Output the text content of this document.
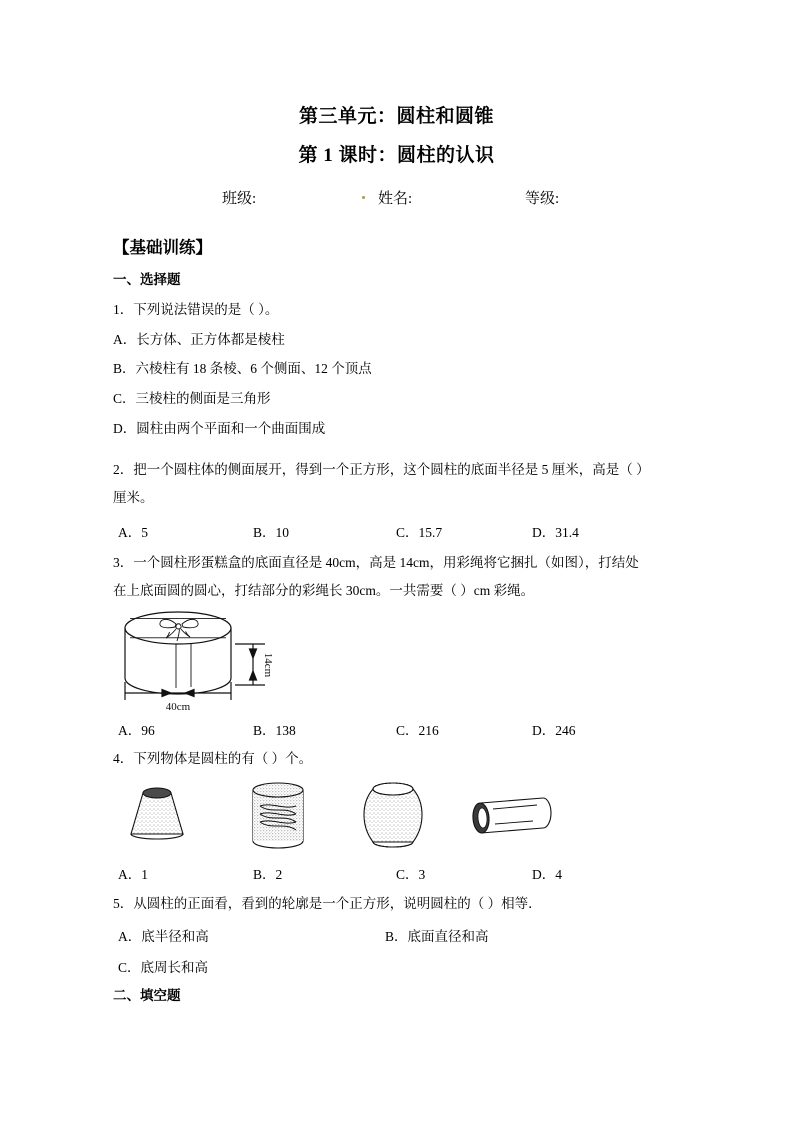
第三单元：圆柱和圆锥
第 1 课时：圆柱的认识
班级:	姓名:	等级:
【基础训练】
一、选择题
1．下列说法错误的是（ ）。
A．长方体、正方体都是棱柱
B．六棱柱有 18 条棱、6 个侧面、12 个顶点
C．三棱柱的侧面是三角形
D．圆柱由两个平面和一个曲面围成
2．把一个圆柱体的侧面展开，得到一个正方形，这个圆柱的底面半径是 5 厘米，高是（ ）
厘米。
A．5	B．10	C．15.7	D．31.4
3．一个圆柱形蛋糕盒的底面直径是 40cm，高是 14cm，用彩绳将它捆扎（如图），打结处
在上底面圆的圆心，打结部分的彩绳长 30cm。一共需要（ ）cm 彩绳。
14cm
40cm
A．96	B．138	C．216	D．246
4．下列物体是圆柱的有（ ）个。
A．1	B．2	C．3	D．4
5．从圆柱的正面看，看到的轮廓是一个正方形，说明圆柱的（ ）相等．
A．底半径和高	B．底面直径和高
C．底周长和高
二、填空题
